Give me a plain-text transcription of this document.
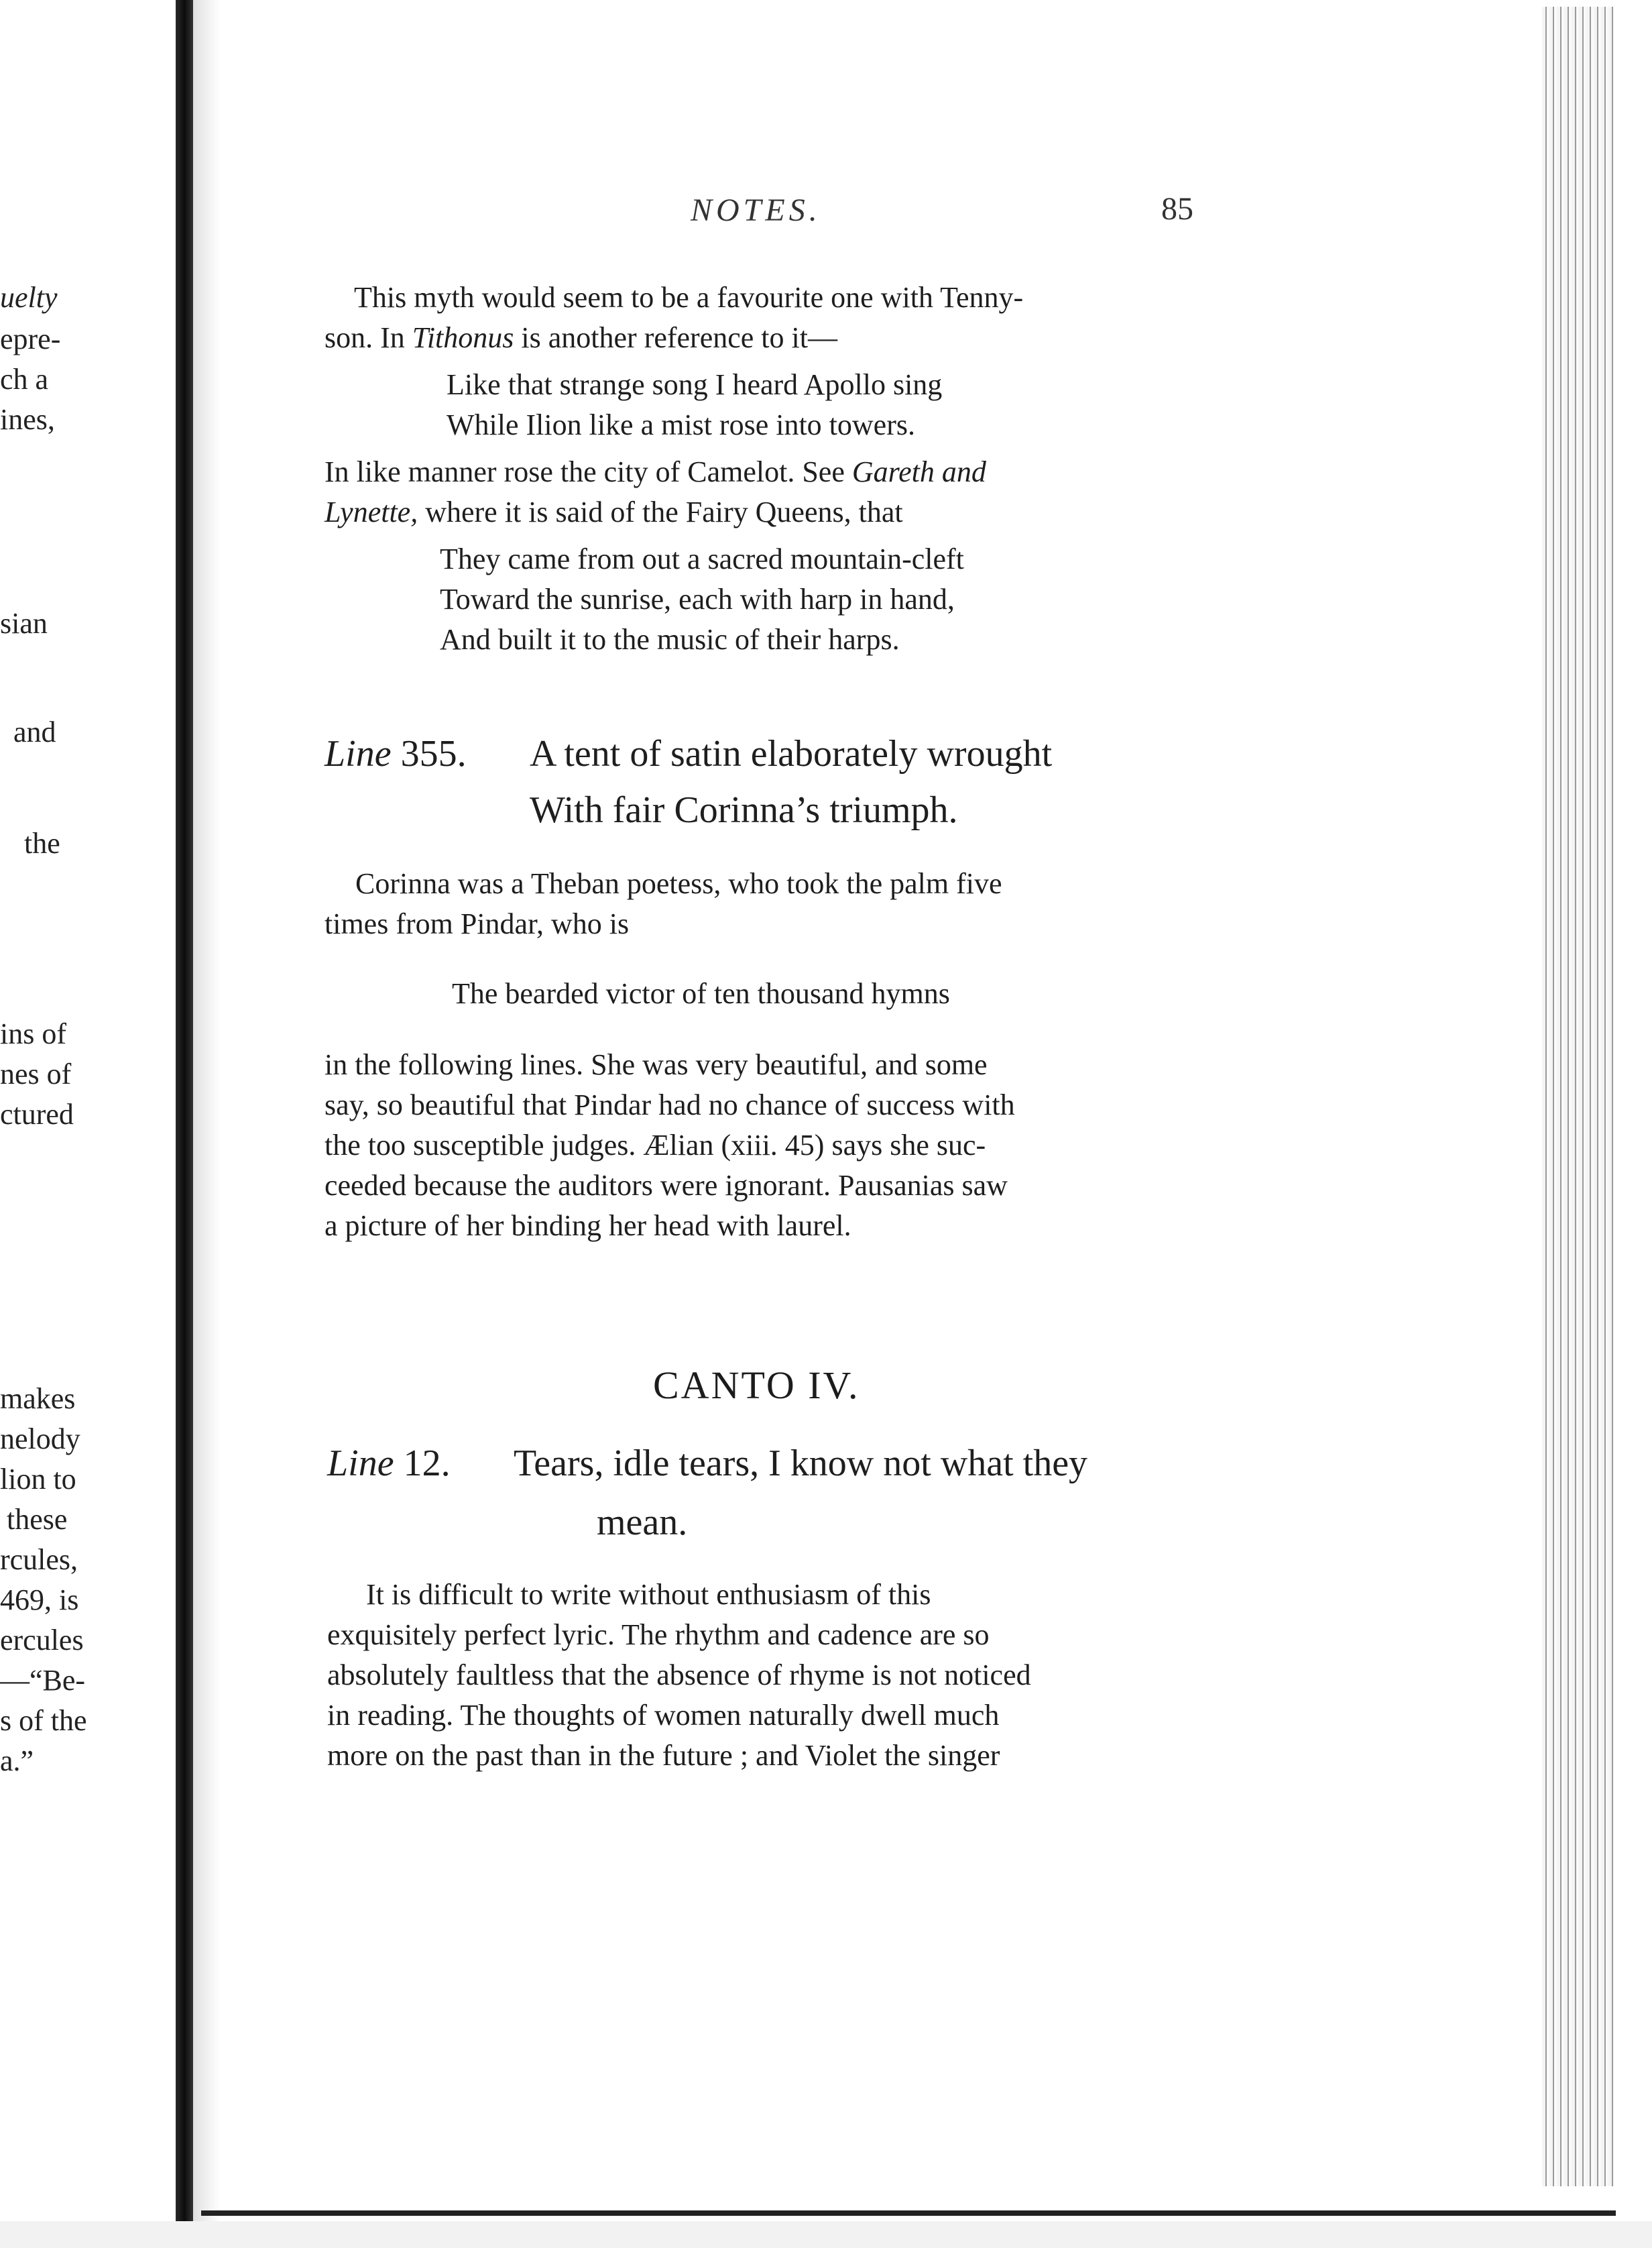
uelty
epre-
ch a
ines,
sian
and
the
ins of
nes of
ctured
makes
nelody
lion to
these
rcules,
469, is
ercules
—“Be-
s of the
a.”
NOTES.	85
This myth would seem to be a favourite one with Tenny-
son. In Tithonus is another reference to it—
Like that strange song I heard Apollo sing
While Ilion like a mist rose into towers.
In like manner rose the city of Camelot. See Gareth and
Lynette, where it is said of the Fairy Queens, that
They came from out a sacred mountain-cleft
Toward the sunrise, each with harp in hand,
And built it to the music of their harps.
Line 355. A tent of satin elaborately wrought
With fair Corinna’s triumph.
Corinna was a Theban poetess, who took the palm five
times from Pindar, who is
The bearded victor of ten thousand hymns
in the following lines. She was very beautiful, and some
say, so beautiful that Pindar had no chance of success with
the too susceptible judges. Ælian (xiii. 45) says she suc-
ceeded because the auditors were ignorant. Pausanias saw
a picture of her binding her head with laurel.
CANTO IV.
Line 12. Tears, idle tears, I know not what they
mean.
It is difficult to write without enthusiasm of this
exquisitely perfect lyric. The rhythm and cadence are so
absolutely faultless that the absence of rhyme is not noticed
in reading. The thoughts of women naturally dwell much
more on the past than in the future ; and Violet the singer
